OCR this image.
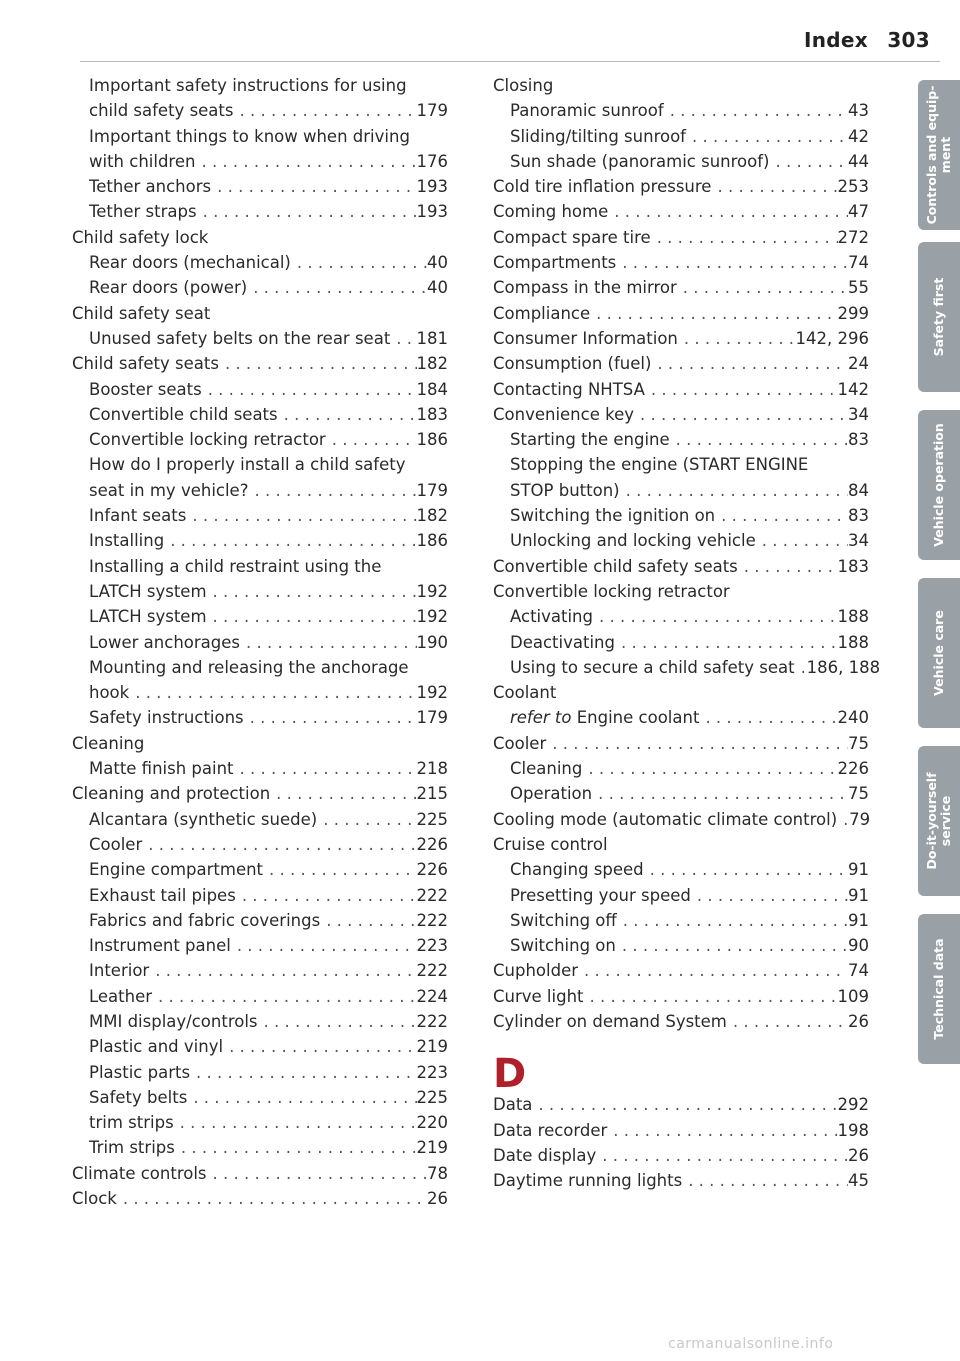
Index 303
Important safety instructions for using
child safety seats . . .	179
Important things to know when driving
with children . . .	176
Tether anchors . . .	193
Tether straps . . .	193
Child safety lock
Rear doors (mechanical) . . .	40
Rear doors (power) . . .	40
Child safety seat
Unused safety belts on the rear seat . . . 181
Child safety seats . . .	182
Booster seats . . .	184
Convertible child seats . . .	183
Convertible locking retractor . . .	186
How do I properly install a child safety
seat in my vehicle? . . .	179
Infant seats . . .	182
Installing . . .	186
Installing a child restraint using the
LATCH system . . .	192
LATCH system . . .	192
Lower anchorages . . .	190
Mounting and releasing the anchorage
hook . . .	192
Safety instructions . . .	179
Cleaning
Matte finish paint . . .	218
Cleaning and protection . . .	215
Alcantara (synthetic suede) . . .	225
Cooler . . .	226
Engine compartment . . .	226
Exhaust tail pipes . . .	222
Fabrics and fabric coverings . . .	222
Instrument panel . . .	223
Interior . . .	222
Leather . . .	224
MMI display/controls . . .	222
Plastic and vinyl . . .	219
Plastic parts . . .	223
Safety belts . . .	225
trim strips . . .	220
Trim strips . . .	219
Climate controls . . .	78
Clock . . .	26
Closing
Panoramic sunroof . . .	43
Sliding/tilting sunroof . . .	42
Sun shade (panoramic sunroof) . . .	44
Cold tire inflation pressure . . .	253
Coming home . . .	47
Compact spare tire . . .	272
Compartments . . .	74
Compass in the mirror . . .	55
Compliance . . .	299
Consumer Information . . .	142, 296
Consumption (fuel) . . .	24
Contacting NHTSA . . .	142
Convenience key . . .	34
Starting the engine . . .	83
Stopping the engine (START ENGINE
STOP button) . . .	84
Switching the ignition on . . .	83
Unlocking and locking vehicle . . .	34
Convertible child safety seats . . .	183
Convertible locking retractor
Activating . . .	188
Deactivating . . .	188
Using to secure a child safety seat . . . 186, 188
Coolant
refer to Engine coolant . . .	240
Cooler . . .	75
Cleaning . . .	226
Operation . . .	75
Cooling mode (automatic climate control) . . . 79
Cruise control
Changing speed . . .	91
Presetting your speed . . .	91
Switching off . . .	91
Switching on . . .	90
Cupholder . . .	74
Curve light . . .	109
Cylinder on demand System . . .	26
D
Data . . .	292
Data recorder . . .	198
Date display . . .	26
Daytime running lights . . .	45
Controls and equip-
ment
Safety first
Vehicle operation
Vehicle care
Do-it-yourself
service
Technical data
carmanualsonline.info
